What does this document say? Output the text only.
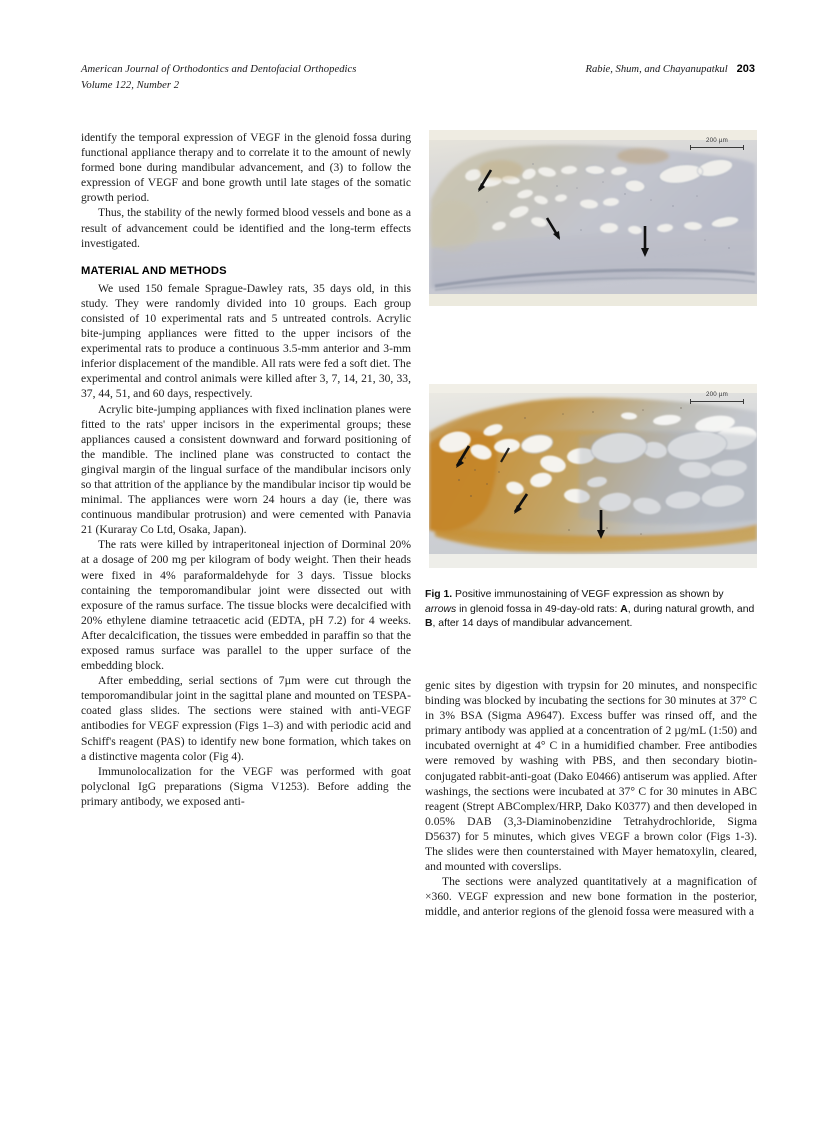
American Journal of Orthodontics and Dentofacial Orthopedics
Volume 122, Number 2
Rabie, Shum, and Chayanupatkul 203

identify the temporal expression of VEGF in the glenoid fossa during functional appliance therapy and to correlate it to the amount of newly formed bone during mandibular advancement, and (3) to follow the expression of VEGF and bone growth until late stages of the somatic growth period.

Thus, the stability of the newly formed blood vessels and bone as a result of advancement could be identified and the long-term effects investigated.

MATERIAL AND METHODS

We used 150 female Sprague-Dawley rats, 35 days old, in this study. They were randomly divided into 10 groups. Each group consisted of 10 experimental rats and 5 untreated controls. Acrylic bite-jumping appliances were fitted to the upper incisors of the experimental rats to produce a continuous 3.5-mm anterior and 3-mm inferior displacement of the mandible. All rats were fed a soft diet. The experimental and control animals were killed after 3, 7, 14, 21, 30, 33, 37, 44, 51, and 60 days, respectively.

Acrylic bite-jumping appliances with fixed inclination planes were fitted to the rats' upper incisors in the experimental groups; these appliances caused a consistent downward and forward positioning of the mandible. The inclined plane was constructed to contact the gingival margin of the lingual surface of the mandibular incisors only so that attrition of the appliance by the mandibular incisor tip would be minimal. The appliances were worn 24 hours a day (ie, there was continuous mandibular protrusion) and were cemented with Panavia 21 (Kuraray Co Ltd, Osaka, Japan).

The rats were killed by intraperitoneal injection of Dorminal 20% at a dosage of 200 mg per kilogram of body weight. Then their heads were fixed in 4% paraformaldehyde for 3 days. Tissue blocks containing the temporomandibular joint were dissected out with exposure of the ramus surface. The tissue blocks were decalcified with 20% ethylene diamine tetraacetic acid (EDTA, pH 7.2) for 4 weeks. After decalcification, the tissues were embedded in paraffin so that the exposed ramus surface was parallel to the upper surface of the embedding block.

After embedding, serial sections of 7µm were cut through the temporomandibular joint in the sagittal plane and mounted on TESPA-coated glass slides. The sections were stained with anti-VEGF antibodies for VEGF expression (Figs 1–3) and with periodic acid and Schiff's reagent (PAS) to identify new bone formation, which takes on a distinctive magenta color (Fig 4).

Immunolocalization for the VEGF was performed with goat polyclonal IgG preparations (Sigma V1253). Before adding the primary antibody, we exposed anti-

200 µm
200 µm
Fig 1. Positive immunostaining of VEGF expression as shown by arrows in glenoid fossa in 49-day-old rats: A, during natural growth, and B, after 14 days of mandibular advancement.

genic sites by digestion with trypsin for 20 minutes, and nonspecific binding was blocked by incubating the sections for 30 minutes at 37° C in 3% BSA (Sigma A9647). Excess buffer was rinsed off, and the primary antibody was applied at a concentration of 2 µg/mL (1:50) and incubated overnight at 4° C in a humidified chamber. Free antibodies were removed by washing with PBS, and then secondary biotin-conjugated rabbit-anti-goat (Dako E0466) antiserum was applied. After washings, the sections were incubated at 37° C for 30 minutes in ABC reagent (Strept ABComplex/HRP, Dako K0377) and then developed in 0.05% DAB (3,3-Diaminobenzidine Tetrahydrochloride, Sigma D5637) for 5 minutes, which gives VEGF a brown color (Figs 1-3). The slides were then counterstained with Mayer hematoxylin, cleared, and mounted with coverslips.

The sections were analyzed quantitatively at a magnification of ×360. VEGF expression and new bone formation in the posterior, middle, and anterior regions of the glenoid fossa were measured with a
